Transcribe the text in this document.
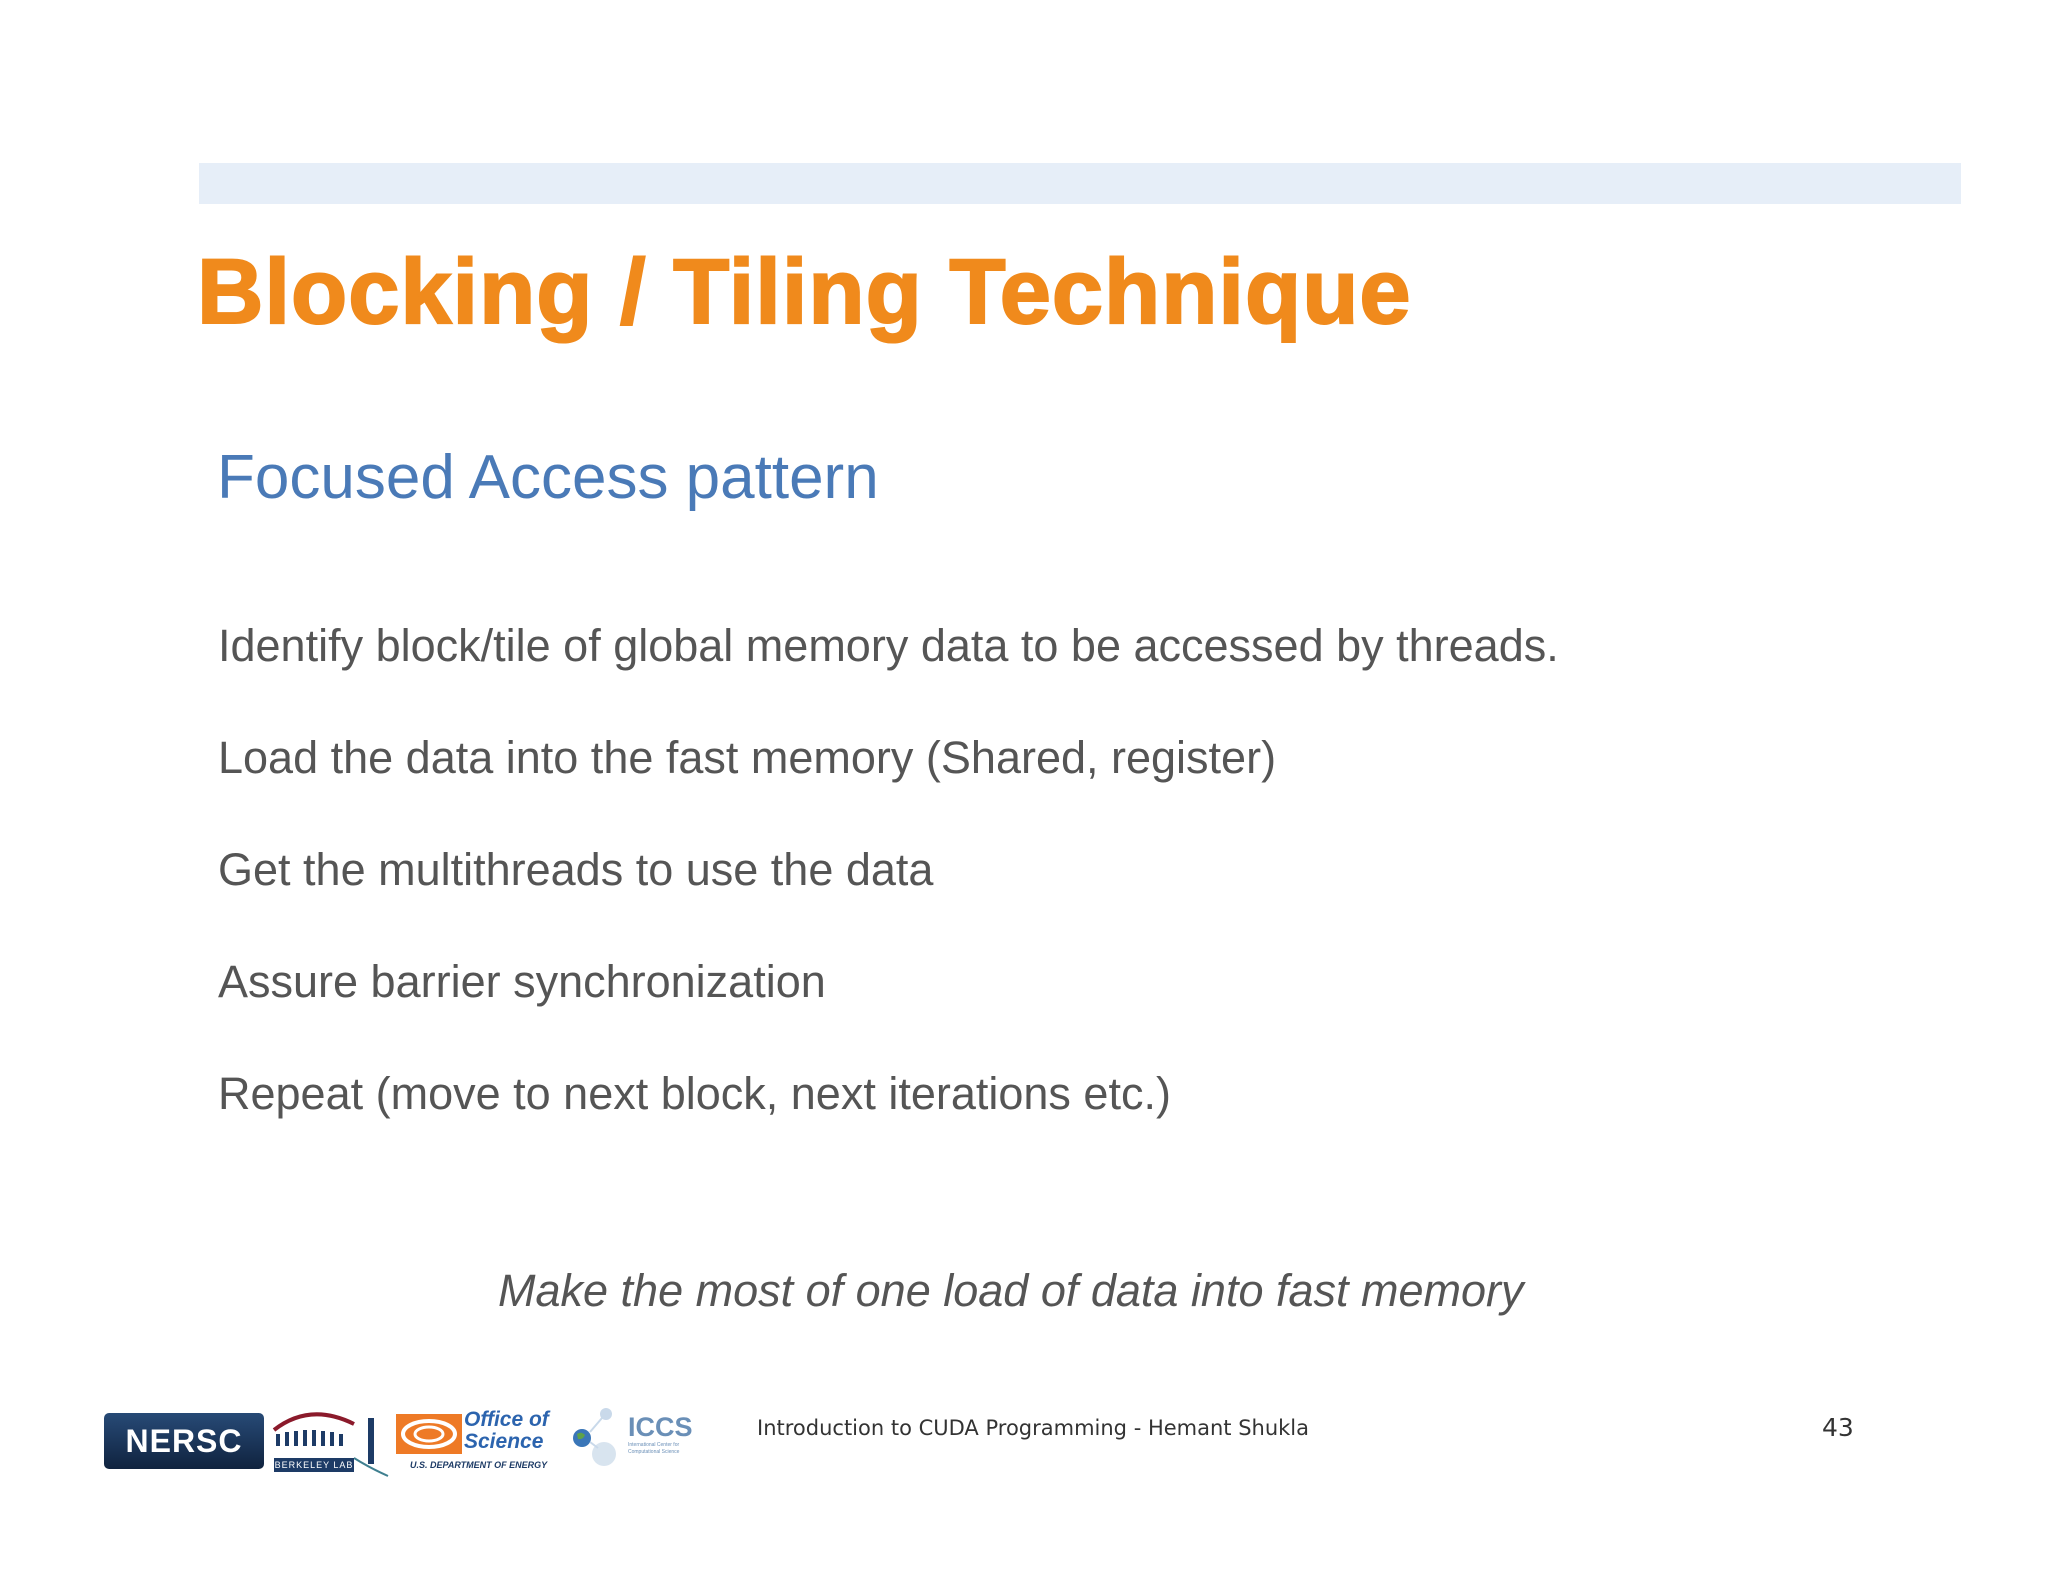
Blocking / Tiling Technique
Focused Access pattern
Identify block/tile of global memory data to be accessed by threads.
Load the data into the fast memory (Shared, register)
Get the multithreads to use the data
Assure barrier synchronization
Repeat (move to next block, next iterations etc.)

Make the most of one load of data into fast memory

NERSC
BERKELEY LAB
Office of
Science
U.S. DEPARTMENT OF ENERGY
ICCS
International Center for
Computational Science

Introduction to CUDA Programming - Hemant Shukla	43
